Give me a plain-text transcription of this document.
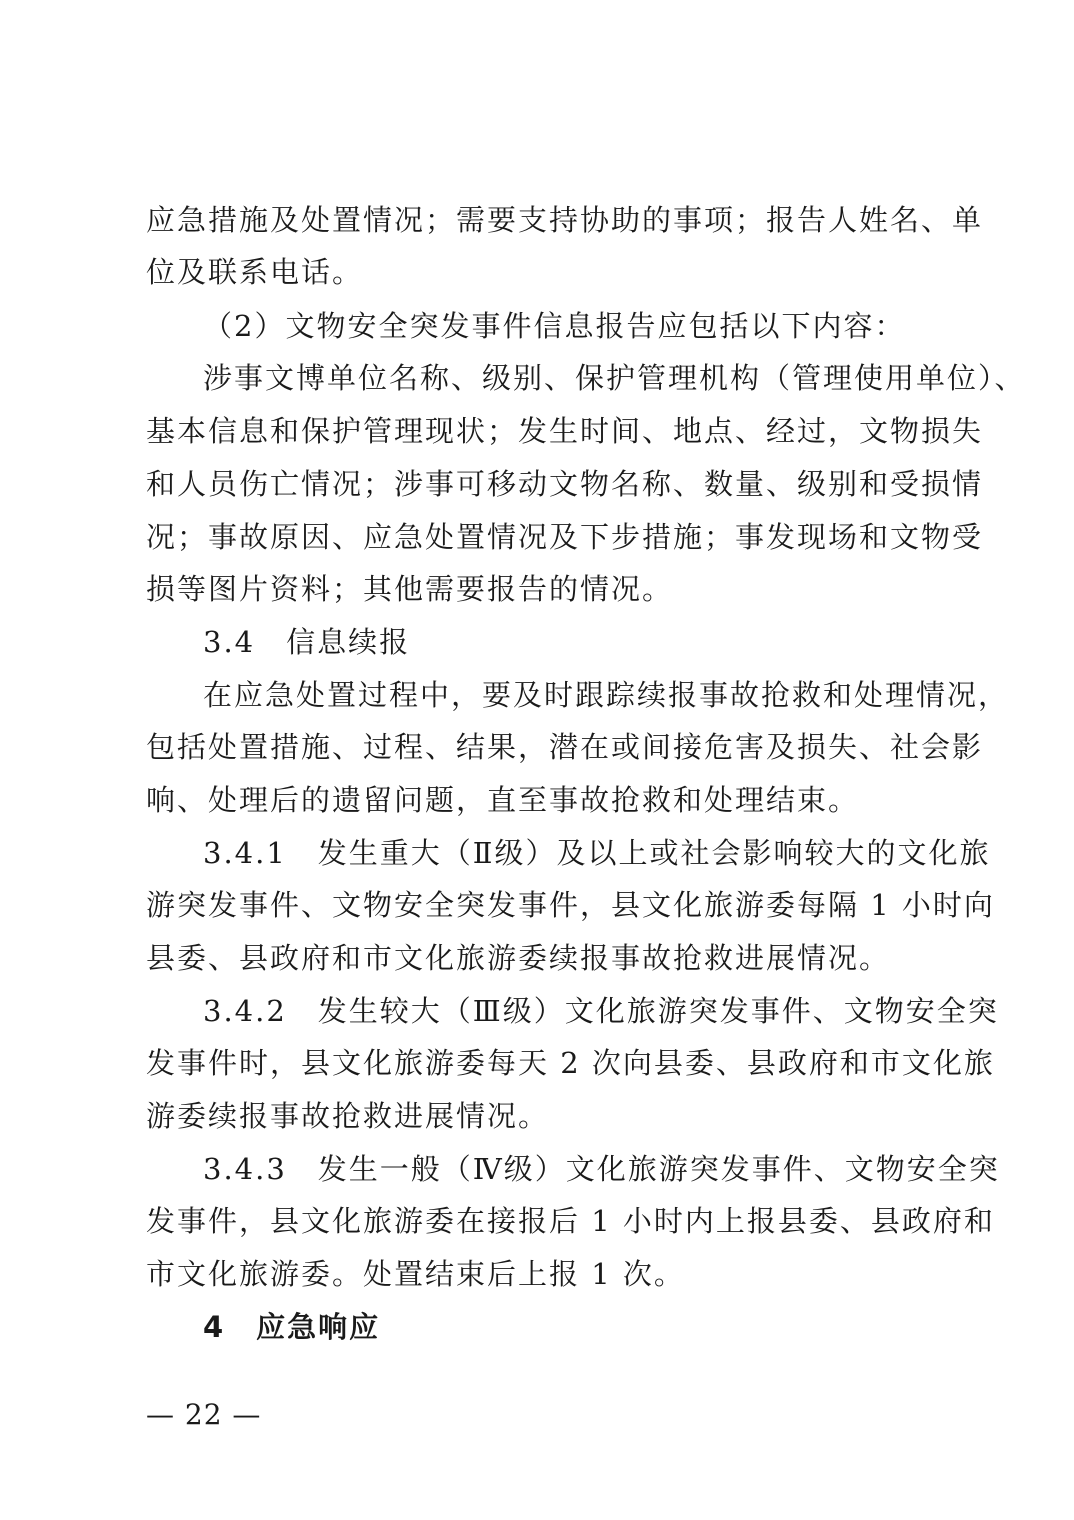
应急措施及处置情况；需要支持协助的事项；报告人姓名、单
位及联系电话。
（2）文物安全突发事件信息报告应包括以下内容：
涉事文博单位名称、级别、保护管理机构（管理使用单位）、
基本信息和保护管理现状；发生时间、地点、经过，文物损失
和人员伤亡情况；涉事可移动文物名称、数量、级别和受损情
况；事故原因、应急处置情况及下步措施；事发现场和文物受
损等图片资料；其他需要报告的情况。
3.4　信息续报
在应急处置过程中，要及时跟踪续报事故抢救和处理情况，
包括处置措施、过程、结果，潜在或间接危害及损失、社会影
响、处理后的遗留问题，直至事故抢救和处理结束。
3.4.1　发生重大（Ⅱ级）及以上或社会影响较大的文化旅
游突发事件、文物安全突发事件，县文化旅游委每隔 1 小时向
县委、县政府和市文化旅游委续报事故抢救进展情况。
3.4.2　发生较大（Ⅲ级）文化旅游突发事件、文物安全突
发事件时，县文化旅游委每天 2 次向县委、县政府和市文化旅
游委续报事故抢救进展情况。
3.4.3　发生一般（Ⅳ级）文化旅游突发事件、文物安全突
发事件，县文化旅游委在接报后 1 小时内上报县委、县政府和
市文化旅游委。处置结束后上报 1 次。
4　应急响应
— 22 —
